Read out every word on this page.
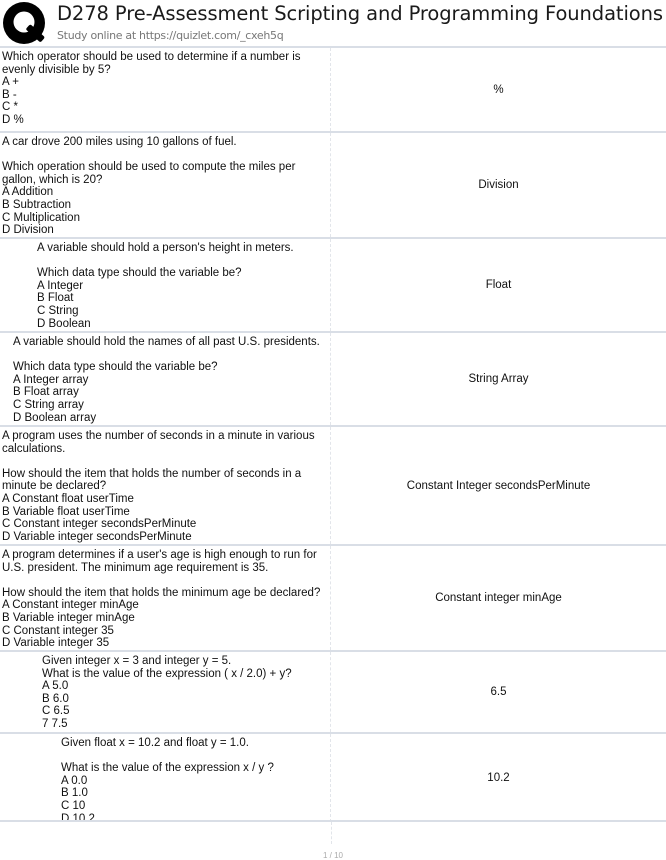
D278 Pre-Assessment Scripting and Programming Foundations
Study online at https://quizlet.com/_cxeh5q
Which operator should be used to determine if a number is evenly divisible by 5?
A +
B -
C *
D %
%
A car drove 200 miles using 10 gallons of fuel.

Which operation should be used to compute the miles per gallon, which is 20?
A Addition
B Subtraction
C Multiplication
D Division
Division
A variable should hold a person's height in meters.

Which data type should the variable be?
A Integer
B Float
C String
D Boolean
Float
A variable should hold the names of all past U.S. presidents.

Which data type should the variable be?
A Integer array
B Float array
C String array
D Boolean array
String Array
A program uses the number of seconds in a minute in various calculations.

How should the item that holds the number of seconds in a minute be declared?
A Constant float userTime
B Variable float userTime
C Constant integer secondsPerMinute
D Variable integer secondsPerMinute
Constant Integer secondsPerMinute
A program determines if a user's age is high enough to run for U.S. president. The minimum age requirement is 35.

How should the item that holds the minimum age be declared?
A Constant integer minAge
B Variable integer minAge
C Constant integer 35
D Variable integer 35
Constant integer minAge
Given integer x = 3 and integer y = 5.
What is the value of the expression ( x / 2.0) + y?
A 5.0
B 6.0
C 6.5
7 7.5
6.5
Given float x = 10.2 and float y = 1.0.

What is the value of the expression x / y ?
A 0.0
B 1.0
C 10
D 10.2
10.2
1 / 10
